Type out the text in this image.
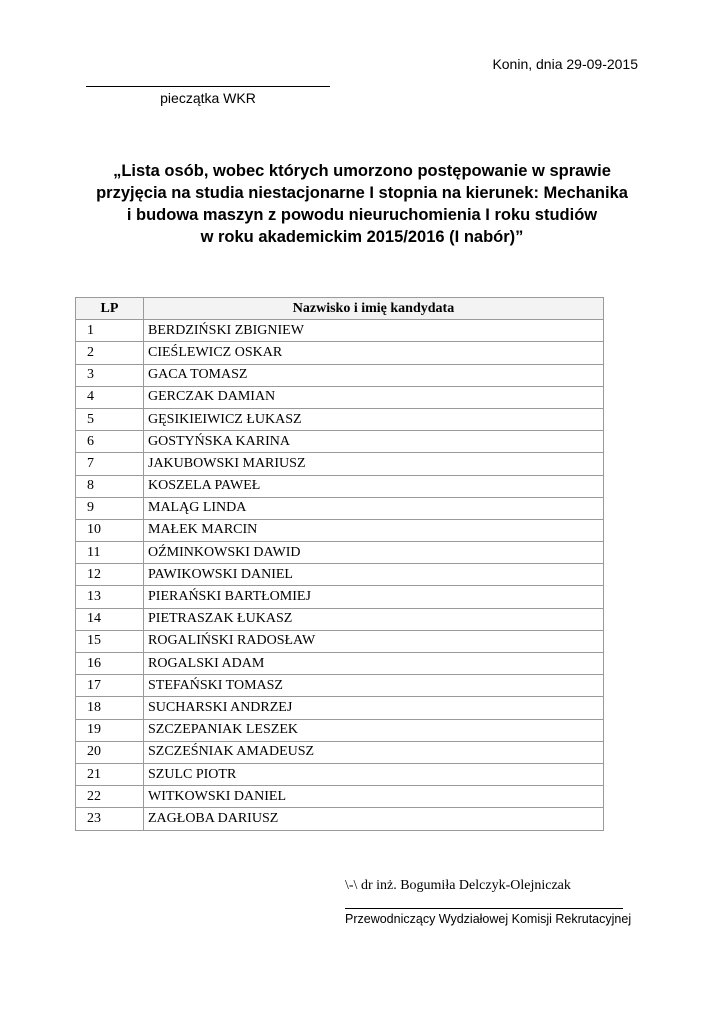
Konin, dnia 29-09-2015
pieczątka WKR
„Lista osób, wobec których umorzono postępowanie w sprawie
przyjęcia na studia niestacjonarne I stopnia na kierunek: Mechanika
i budowa maszyn z powodu nieuruchomienia I roku studiów
w roku akademickim 2015/2016 (I nabór)”
LP	Nazwisko i imię kandydata
1	BERDZIŃSKI ZBIGNIEW
2	CIEŚLEWICZ OSKAR
3	GACA TOMASZ
4	GERCZAK DAMIAN
5	GĘSIKIEIWICZ ŁUKASZ
6	GOSTYŃSKA KARINA
7	JAKUBOWSKI MARIUSZ
8	KOSZELA PAWEŁ
9	MALĄG LINDA
10	MAŁEK MARCIN
11	OŹMINKOWSKI DAWID
12	PAWIKOWSKI DANIEL
13	PIERAŃSKI BARTŁOMIEJ
14	PIETRASZAK ŁUKASZ
15	ROGALIŃSKI RADOSŁAW
16	ROGALSKI ADAM
17	STEFAŃSKI TOMASZ
18	SUCHARSKI ANDRZEJ
19	SZCZEPANIAK LESZEK
20	SZCZEŚNIAK AMADEUSZ
21	SZULC PIOTR
22	WITKOWSKI DANIEL
23	ZAGŁOBA DARIUSZ
\-\ dr inż. Bogumiła Delczyk-Olejniczak
Przewodniczący Wydziałowej Komisji Rekrutacyjnej
